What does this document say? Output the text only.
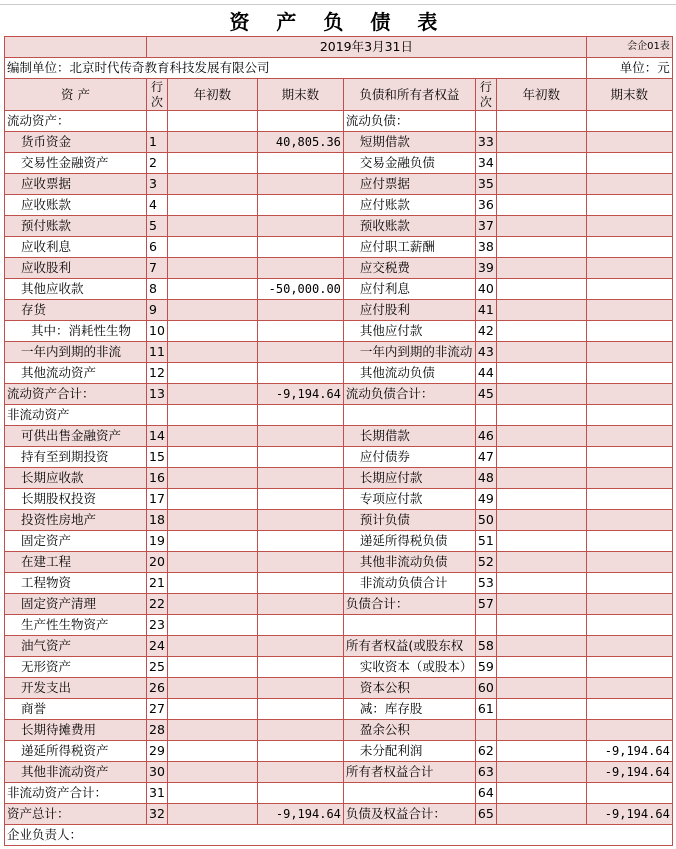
资 产 负 债 表							
	2019年3月31日						会企01表
编制单位：北京时代传奇教育科技发展有限公司							单位：元
资 产	行次	年初数	期末数	负债和所有者权益	行次	年初数	期末数
流动资产：				流动负债：			
货币资金	1		40,805.36	短期借款	33		
交易性金融资产	2			交易金融负债	34		
应收票据	3			应付票据	35		
应收账款	4			应付账款	36		
预付账款	5			预收账款	37		
应收利息	6			应付职工薪酬	38		
应收股利	7			应交税费	39		
其他应收款	8		-50,000.00	应付利息	40		
存货	9			应付股利	41		
其中：消耗性生物	10			其他应付款	42		
一年内到期的非流	11			一年内到期的非流动	43		
其他流动资产	12			其他流动负债	44		
流动资产合计：	13		-9,194.64	流动负债合计：	45		
非流动资产							
可供出售金融资产	14			长期借款	46		
持有至到期投资	15			应付债券	47		
长期应收款	16			长期应付款	48		
长期股权投资	17			专项应付款	49		
投资性房地产	18			预计负债	50		
固定资产	19			递延所得税负债	51		
在建工程	20			其他非流动负债	52		
工程物资	21			非流动负债合计	53		
固定资产清理	22			负债合计：	57		
生产性生物资产	23						
油气资产	24			所有者权益(或股东权	58		
无形资产	25			实收资本（或股本）	59		
开发支出	26			资本公积	60		
商誉	27			减：库存股	61		
长期待摊费用	28			盈余公积			
递延所得税资产	29			未分配利润	62		-9,194.64
其他非流动资产	30			所有者权益合计	63		-9,194.64
非流动资产合计：	31				64		
资产总计：	32		-9,194.64	负债及权益合计：	65		-9,194.64
企业负责人：							
